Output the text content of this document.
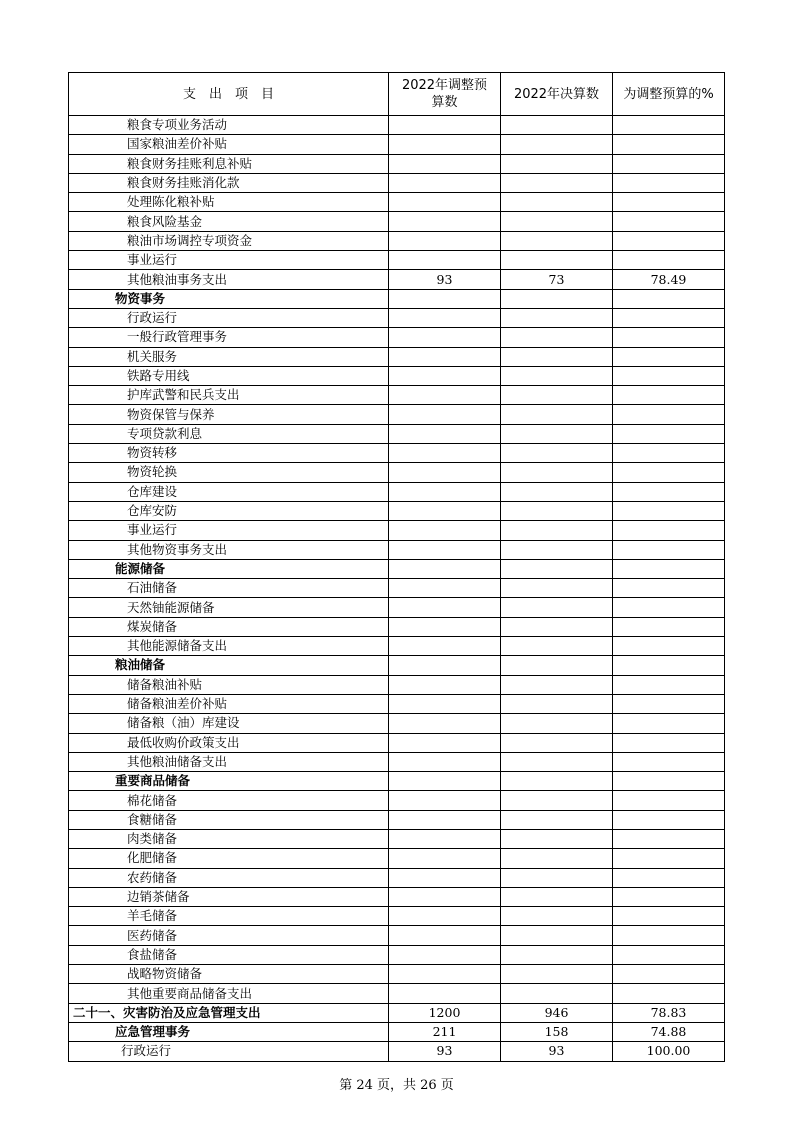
支　出　项　目	2022年调整预算数	2022年决算数	为调整预算的%
粮食专项业务活动			
国家粮油差价补贴			
粮食财务挂账利息补贴			
粮食财务挂账消化款			
处理陈化粮补贴			
粮食风险基金			
粮油市场调控专项资金			
事业运行			
其他粮油事务支出	93	73	78.49
物资事务			
行政运行			
一般行政管理事务			
机关服务			
铁路专用线			
护库武警和民兵支出			
物资保管与保养			
专项贷款利息			
物资转移			
物资轮换			
仓库建设			
仓库安防			
事业运行			
其他物资事务支出			
能源储备			
石油储备			
天然铀能源储备			
煤炭储备			
其他能源储备支出			
粮油储备			
储备粮油补贴			
储备粮油差价补贴			
储备粮（油）库建设			
最低收购价政策支出			
其他粮油储备支出			
重要商品储备			
棉花储备			
食糖储备			
肉类储备			
化肥储备			
农药储备			
边销茶储备			
羊毛储备			
医药储备			
食盐储备			
战略物资储备			
其他重要商品储备支出			
二十一、灾害防治及应急管理支出	1200	946	78.83
应急管理事务	211	158	74.88
行政运行	93	93	100.00
第 24 页，共 26 页
